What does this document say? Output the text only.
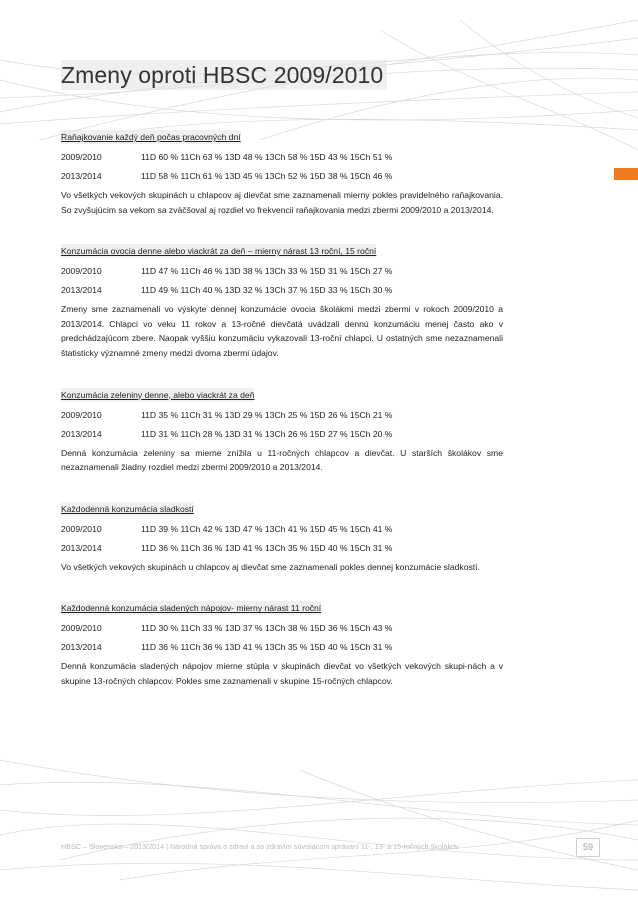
Zmeny oproti HBSC 2009/2010
Raňajkovanie každý deň počas pracovných dní
2009/2010	11D 60 % 11Ch 63 % 13D 48 % 13Ch 58 % 15D 43 % 15Ch 51 %
2013/2014	11D 58 % 11Ch 61 % 13D 45 % 13Ch 52 % 15D 38 % 15Ch 46 %
Vo všetkých vekových skupinách u chlapcov aj dievčat sme zaznamenali mierny pokles pravidelného raňajkovania. So zvyšujúcim sa vekom sa zväčšoval aj rozdiel vo frekvencii raňajkovania medzi zbermi 2009/2010 a 2013/2014.
Konzumácia ovocia denne alebo viackrát za deň – mierny nárast 13 roční, 15 roční
2009/2010	11D 47 % 11Ch 46 % 13D 38 % 13Ch 33 % 15D 31 % 15Ch 27 %
2013/2014	11D 49 % 11Ch 40 % 13D 32 % 13Ch 37 % 15D 33 % 15Ch 30 %
Zmeny sme zaznamenali vo výskyte dennej konzumácie ovocia školákmi medzi zbermi v rokoch 2009/2010 a 2013/2014. Chlapci vo veku 11 rokov a 13-ročné dievčatá uvádzali dennú konzumáciu menej často ako v predchádzajúcom zbere. Naopak vyššiu konzumáciu vykazovali 13-roční chlapci. U ostatných sme nezaznamenali štatisticky významné zmeny medzi dvoma zbermi údajov.
Konzumácia zeleniny denne, alebo viackrát za deň
2009/2010	11D 35 % 11Ch 31 % 13D 29 % 13Ch 25 % 15D 26 % 15Ch 21 %
2013/2014	11D 31 % 11Ch 28 % 13D 31 % 13Ch 26 % 15D 27 % 15Ch 20 %
Denná konzumácia zeleniny sa mierne znížila u 11-ročných chlapcov a dievčat. U starších školákov sme nezaznamenali žiadny rozdiel medzi zbermi 2009/2010 a 2013/2014.
Každodenná konzumácia sladkostí
2009/2010	11D 39 % 11Ch 42 % 13D 47 % 13Ch 41 % 15D 45 % 15Ch 41 %
2013/2014	11D 36 % 11Ch 36 % 13D 41 % 13Ch 35 % 15D 40 % 15Ch 31 %
Vo všetkých vekových skupinách u chlapcov aj dievčat sme zaznamenali pokles dennej konzumácie sladkostí.
Každodenná konzumácia sladených nápojov- mierny nárast 11 roční
2009/2010	11D 30 % 11Ch 33 % 13D 37 % 13Ch 38 % 15D 36 % 15Ch 43 %
2013/2014	11D 36 % 11Ch 36 % 13D 41 % 13Ch 35 % 15D 40 % 15Ch 31 %
Denná konzumácia sladených nápojov mierne stúpla v skupinách dievčat vo všetkých vekových skupi-nách a v skupine 13-ročných chlapcov. Pokles sme zaznamenali v skupine 15-ročných chlapcov.
HBSC – Slovensko – 2013/2014 | Národná správa o zdraví a so zdravím súvisiacom správaní 11-, 13- a 15-ročných školákov	59
